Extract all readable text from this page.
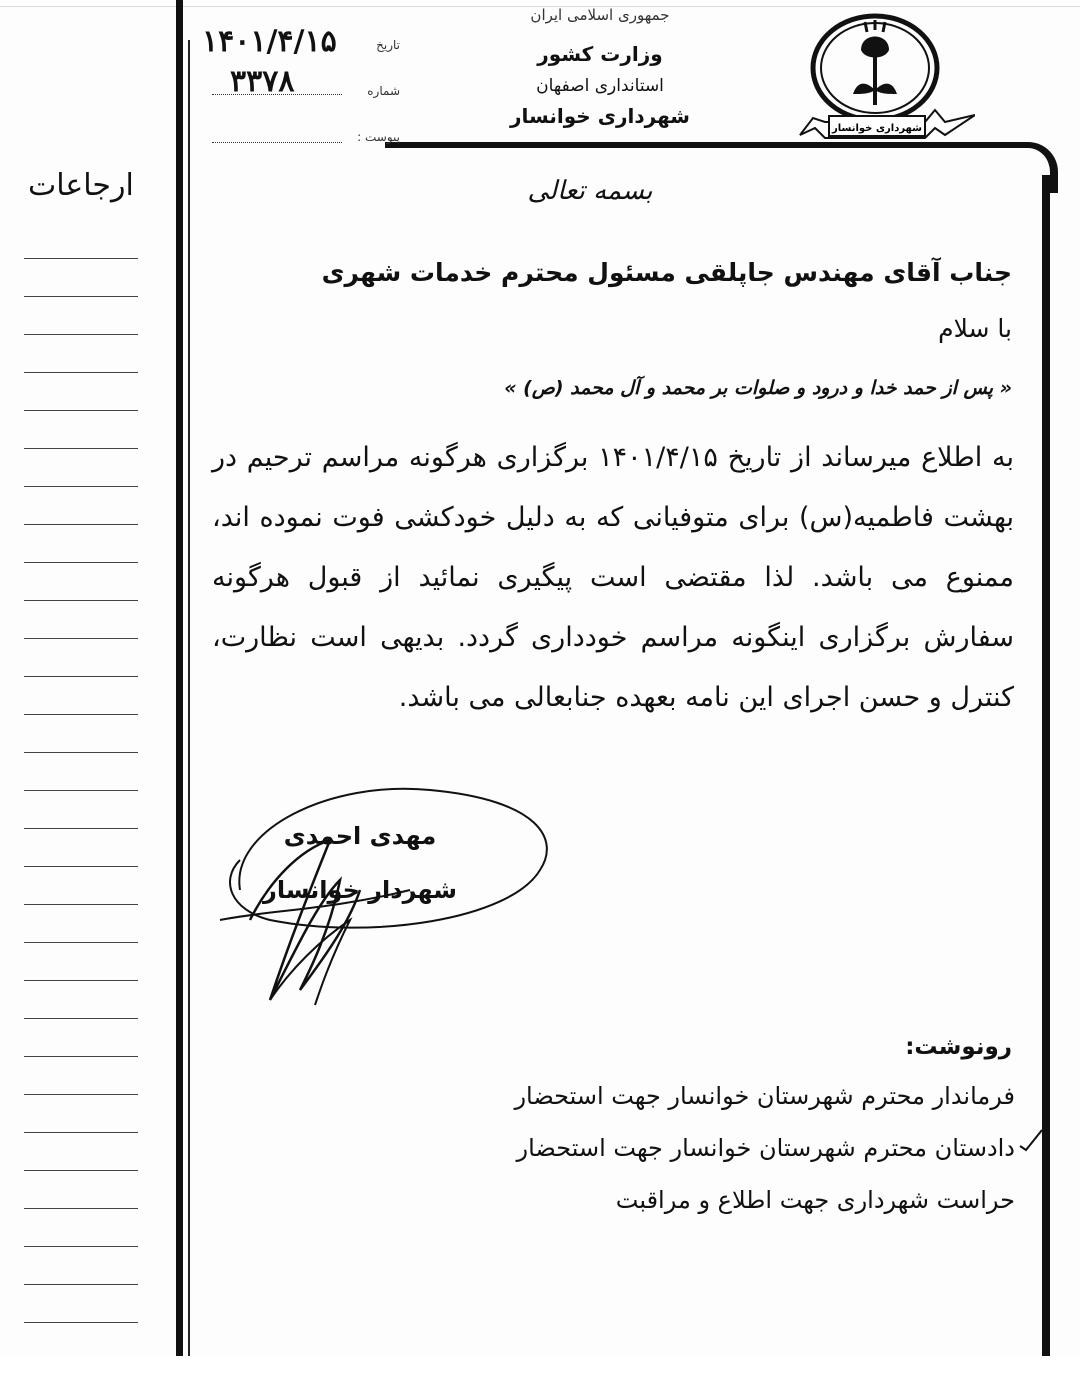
ارجاعات
تاریخ
۱۴۰۱/۴/۱۵
شماره
۳۳۷۸
پیوست :
جمهوری اسلامی ایران
وزارت کشور
استانداری اصفهان
شهرداری خوانسار
شهرداری خوانسار
بسمه تعالی
جناب آقای مهندس جاپلقی مسئول محترم خدمات شهری
با سلام
« پس از حمد خدا و درود و صلوات بر محمد و آل محمد (ص) »
به اطلاع میرساند از تاریخ ۱۴۰۱/۴/۱۵ برگزاری هرگونه مراسم ترحیم در بهشت فاطمیه(س) برای متوفیانی که به دلیل خودکشی فوت نموده اند، ممنوع می باشد. لذا مقتضی است پیگیری نمائید از قبول هرگونه سفارش برگزاری اینگونه مراسم خودداری گردد. بدیهی است نظارت، کنترل و حسن اجرای این نامه بعهده جنابعالی می باشد.
مهدی احمدی
شهردار خوانسار
رونوشت:
فرماندار محترم شهرستان خوانسار جهت استحضار
دادستان محترم شهرستان خوانسار جهت استحضار
حراست شهرداری جهت اطلاع و مراقبت
